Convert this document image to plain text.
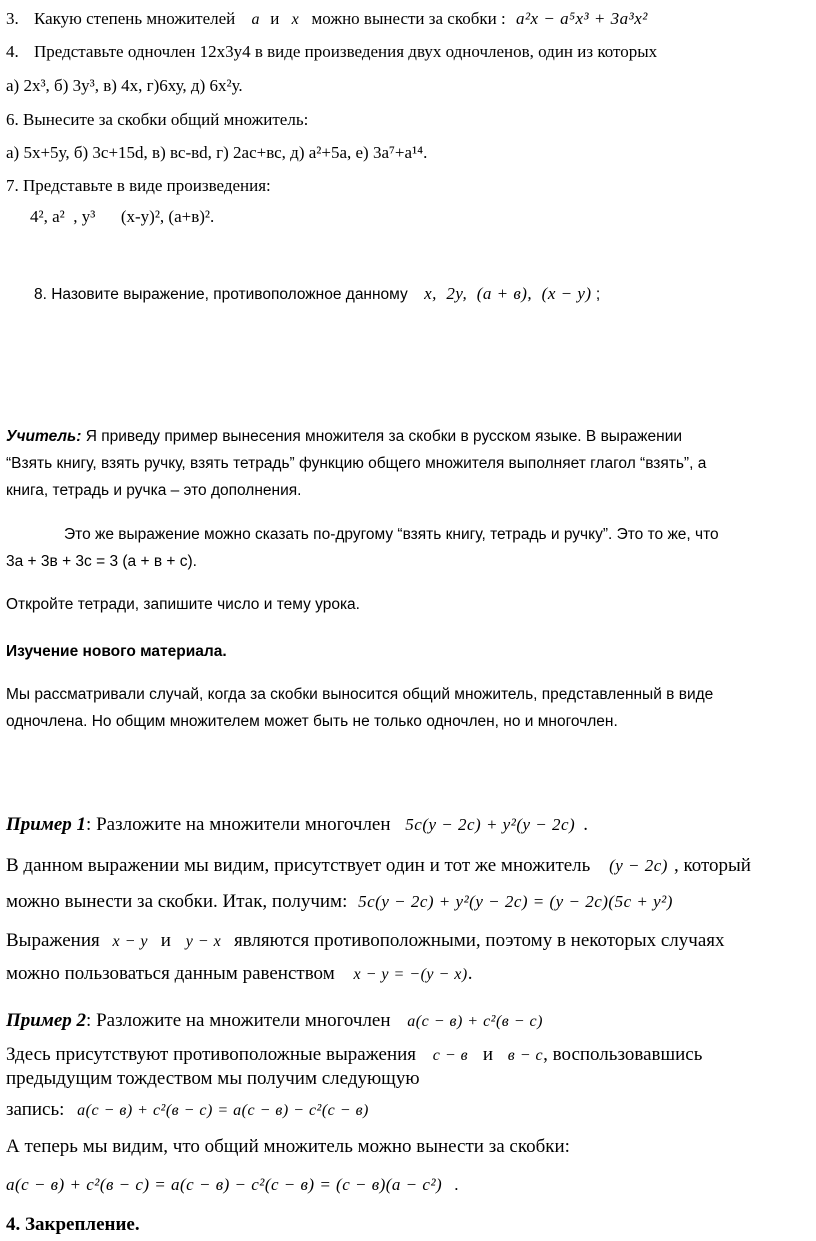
3. Какую степень множителей a и x можно вынести за скобки : a²x − a⁵x³ + 3a³x²
4. Представьте одночлен 12х3у4 в виде произведения двух одночленов, один из которых
а) 2х³, б) 3у³, в) 4х, г)6ху, д) 6х²у.
6. Вынесите за скобки общий множитель:
а) 5х+5у, б) 3с+15d, в) вс-вd, г) 2ас+вс, д) а²+5а, е) 3а⁷+а¹⁴.
7. Представьте в виде произведения:
4², а²  , у³      (х-у)², (а+в)².
8. Назовите выражение, противоположное данному x,  2y,  (a + в),  (x − y) ;
Учитель: Я приведу пример вынесения множителя за скобки в русском языке. В выражении
“Взять книгу, взять ручку, взять тетрадь” функцию общего множителя выполняет глагол “взять”, а
книга, тетрадь и ручка – это дополнения.
Это же выражение можно сказать по-другому “взять книгу, тетрадь и ручку”. Это то же, что
3а + 3в + 3с = 3 (а + в + с).
Откройте тетради, запишите число и тему урока.
Изучение нового материала.
Мы рассматривали случай, когда за скобки выносится общий множитель, представленный в виде
одночлена. Но общим множителем может быть не только одночлен, но и многочлен.
Пример 1: Разложите на множители многочлен 5c(y − 2c) + y²(y − 2c) .
В данном выражении мы видим, присутствует один и тот же множитель (y − 2c) , который
можно вынести за скобки. Итак, получим: 5c(y − 2c) + y²(y − 2c) = (y − 2c)(5c + y²)
Выражения x − y и y − x являются противоположными, поэтому в некоторых случаях
можно пользоваться данным равенством x − y = −(y − x).
Пример 2: Разложите на множители многочлен a(c − в) + c²(в − c)
Здесь присутствуют противоположные выражения c − в и в − c, воспользовавшись
предыдущим тождеством мы получим следующую
запись: a(c − в) + c²(в − c) = a(c − в) − c²(c − в)
А теперь мы видим, что общий множитель можно вынести за скобки:
a(c − в) + c²(в − c) = a(c − в) − c²(c − в) = (c − в)(a − c²) .
4. Закрепление.
